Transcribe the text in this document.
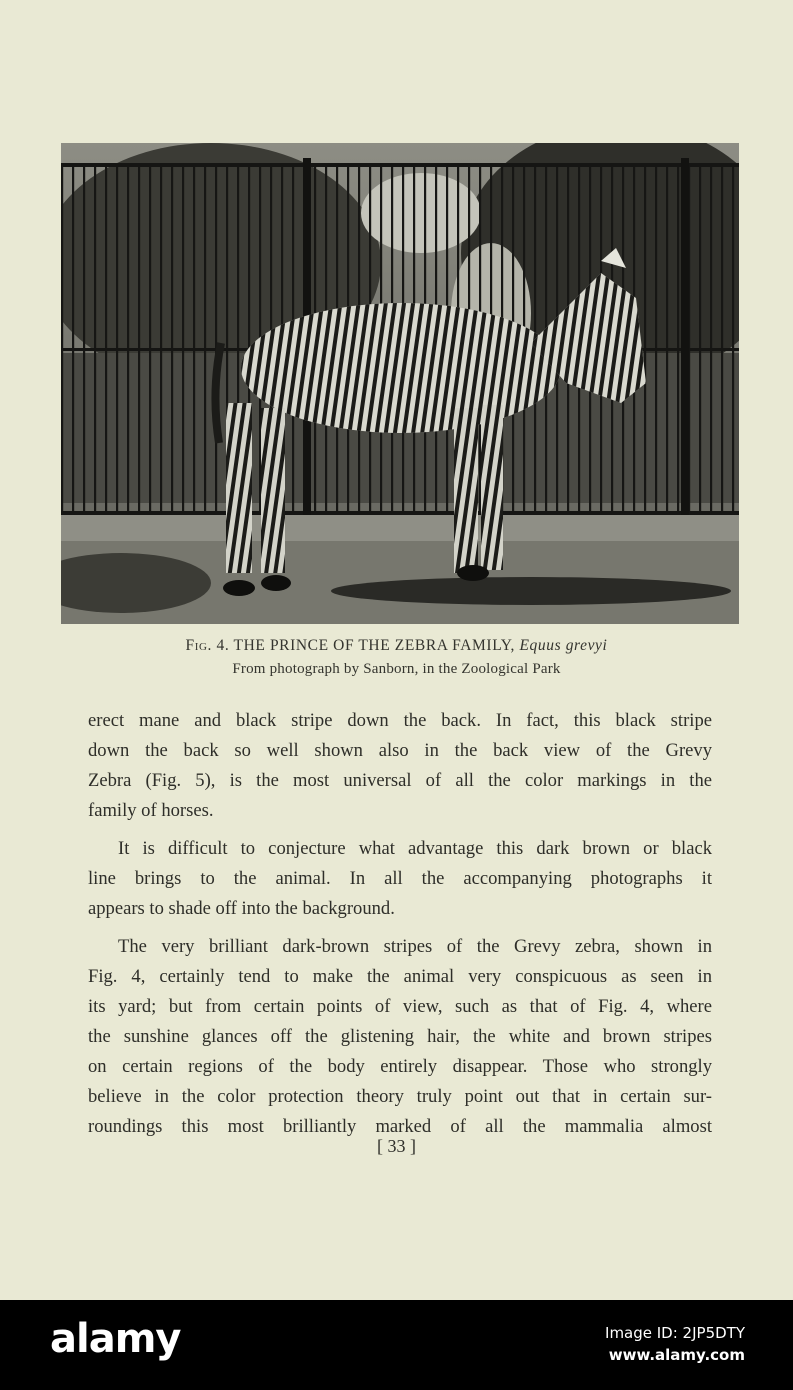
Fig. 4. THE PRINCE OF THE ZEBRA FAMILY, Equus grevyi
From photograph by Sanborn, in the Zoological Park

erect mane and black stripe down the back. In fact, this black stripe
down the back so well shown also in the back view of the Grevy
Zebra (Fig. 5), is the most universal of all the color markings in the
family of horses.

It is difficult to conjecture what advantage this dark brown or black
line brings to the animal. In all the accompanying photographs it
appears to shade off into the background.

The very brilliant dark-brown stripes of the Grevy zebra, shown in
Fig. 4, certainly tend to make the animal very conspicuous as seen in
its yard; but from certain points of view, such as that of Fig. 4, where
the sunshine glances off the glistening hair, the white and brown stripes
on certain regions of the body entirely disappear. Those who strongly
believe in the color protection theory truly point out that in certain sur-
roundings this most brilliantly marked of all the mammalia almost

[ 33 ]
alamy	Image ID: 2JP5DTY
www.alamy.com
